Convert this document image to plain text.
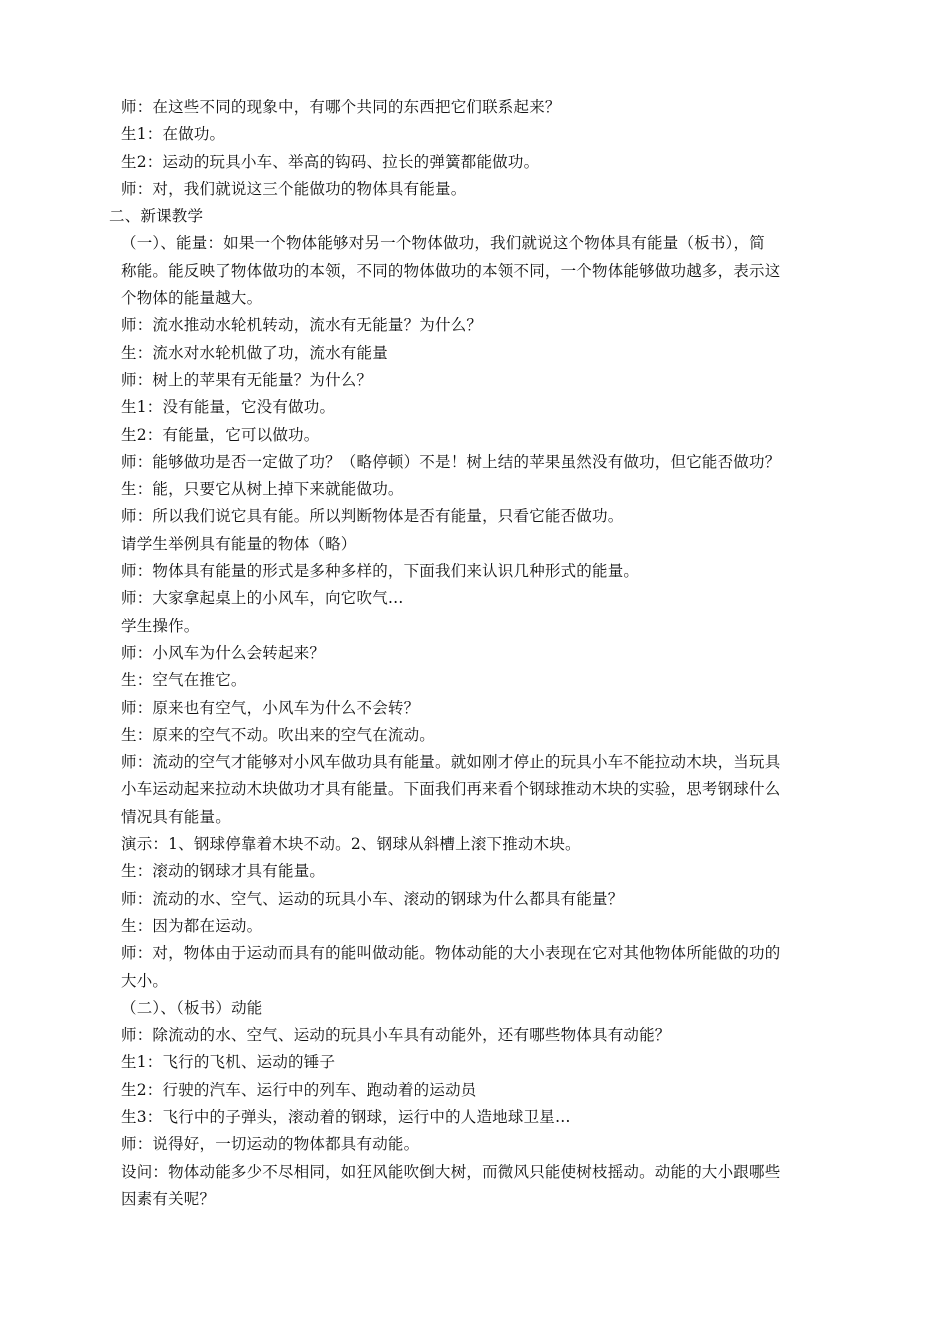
师：在这些不同的现象中，有哪个共同的东西把它们联系起来？
生1：在做功。
生2：运动的玩具小车、举高的钩码、拉长的弹簧都能做功。
师：对，我们就说这三个能做功的物体具有能量。
二、新课教学
（一）、能量：如果一个物体能够对另一个物体做功，我们就说这个物体具有能量（板书），简
称能。能反映了物体做功的本领，不同的物体做功的本领不同，一个物体能够做功越多，表示这
个物体的能量越大。
师：流水推动水轮机转动，流水有无能量？为什么？
生：流水对水轮机做了功，流水有能量
师：树上的苹果有无能量？为什么？
生1：没有能量，它没有做功。
生2：有能量，它可以做功。
师：能够做功是否一定做了功？（略停顿）不是！树上结的苹果虽然没有做功，但它能否做功？
生：能，只要它从树上掉下来就能做功。
师：所以我们说它具有能。所以判断物体是否有能量，只看它能否做功。
请学生举例具有能量的物体（略）
师：物体具有能量的形式是多种多样的，下面我们来认识几种形式的能量。
师：大家拿起桌上的小风车，向它吹气…
学生操作。
师：小风车为什么会转起来？
生：空气在推它。
师：原来也有空气，小风车为什么不会转？
生：原来的空气不动。吹出来的空气在流动。
师：流动的空气才能够对小风车做功具有能量。就如刚才停止的玩具小车不能拉动木块，当玩具
小车运动起来拉动木块做功才具有能量。下面我们再来看个钢球推动木块的实验，思考钢球什么
情况具有能量。
演示：1、钢球停靠着木块不动。2、钢球从斜槽上滚下推动木块。
生：滚动的钢球才具有能量。
师：流动的水、空气、运动的玩具小车、滚动的钢球为什么都具有能量？
生：因为都在运动。
师：对，物体由于运动而具有的能叫做动能。物体动能的大小表现在它对其他物体所能做的功的
大小。
（二）、（板书）动能
师：除流动的水、空气、运动的玩具小车具有动能外，还有哪些物体具有动能？
生1：飞行的飞机、运动的锤子
生2：行驶的汽车、运行中的列车、跑动着的运动员
生3：飞行中的子弹头，滚动着的钢球，运行中的人造地球卫星…
师：说得好，一切运动的物体都具有动能。
设问：物体动能多少不尽相同，如狂风能吹倒大树，而微风只能使树枝摇动。动能的大小跟哪些
因素有关呢？
